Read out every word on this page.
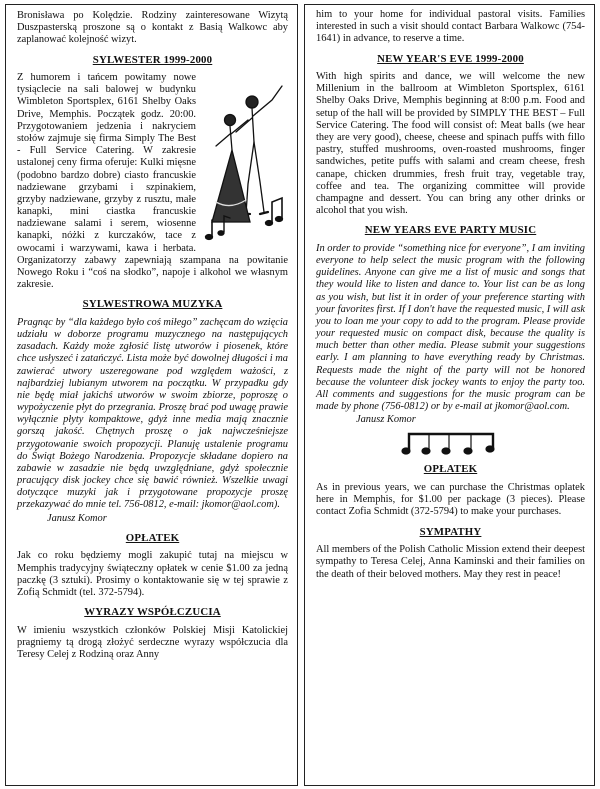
Bronisława po Kolędzie. Rodziny zainteresowane Wizytą Duszpasterską proszone są o kontakt z Basią Walkowc aby zaplanować kolejność wizyt.

SYLWESTER 1999-2000

Z humorem i tańcem powitamy nowe tysiąclecie na sali balowej w budynku Wimbleton Sportsplex, 6161 Shelby Oaks Drive, Memphis. Początek godz. 20:00. Przygotowaniem jedzenia i nakryciem stołów zajmuje się firma Simply The Best - Full Service Catering. W zakresie ustalonej ceny firma oferuje: Kulki mięsne (podobno bardzo dobre) ciasto francuskie nadziewane grzybami i szpinakiem, grzyby nadziewane, grzyby z rusztu, małe kanapki, mini ciastka francuskie nadziewane salami i serem, wiosenne kanapki, nóżki z kurczaków, tace z owocami i warzywami, kawa i herbata. Organizatorzy zabawy zapewniają szampana na powitanie Nowego Roku i “coś na słodko”, napoje i alkohol we własnym zakresie.

SYLWESTROWA MUZYKA

Pragnąc by “dla każdego było coś miłego” zachęcam do wzięcia udziału w doborze programu muzycznego na następujących zasadach. Każdy może zgłosić listę utworów i piosenek, które chce usłyszeć i zatańczyć. Lista może być dowolnej długości i ma zawierać utwory uszeregowane pod względem ważości, z najbardziej lubianym utworem na początku. W przypadku gdy nie będę miał jakichś utworów w swoim zbiorze, poproszę o wypożyczenie płyt do przegrania. Proszę brać pod uwagę prawie wyłącznie płyty kompaktowe, gdyż inne media mają znacznie gorszą jakość. Chętnych proszę o jak najwcześniejsze przygotowanie swoich propozycji. Planuję ustalenie programu do Świąt Bożego Narodzenia. Propozycje składane dopiero na zabawie w zasadzie nie będą uwzględniane, gdyż społecznie pracujący disk jockey chce się bawić również. Wszelkie uwagi dotyczące muzyki jak i przygotowane propozycje proszę przekazywać do mnie tel. 756-0812, e-mail: jkomor@aol.com).

Janusz Komor
OPŁATEK

Jak co roku będziemy mogli zakupić tutaj na miejscu w Memphis tradycyjny świąteczny opłatek w cenie $1.00 za jedną paczkę (3 sztuki). Prosimy o kontaktowanie się w tej sprawie z Zofią Schmidt (tel. 372-5794).

WYRAZY WSPÓŁCZUCIA

W imieniu wszystkich członków Polskiej Misji Katolickiej pragniemy tą drogą złożyć serdeczne wyrazy współczucia dla Teresy Celej z Rodziną oraz Anny

him to your home for individual pastoral visits. Families interested in such a visit should contact Barbara Walkowc (754-1641) in advance, to reserve a time.

NEW YEAR'S EVE 1999-2000

With high spirits and dance, we will welcome the new Millenium in the ballroom at Wimbleton Sportsplex, 6161 Shelby Oaks Drive, Memphis beginning at 8:00 p.m. Food and setup of the hall will be provided by SIMPLY THE BEST – Full Service Catering. The food will consist of: Meat balls (we hear they are very good), cheese, cheese and spinach puffs with fillo pastry, stuffed mushrooms, oven-roasted mushrooms, finger sandwiches, petite puffs with salami and cream cheese, fresh canape, chicken drummies, fresh fruit tray, vegetable tray, coffee and tea. The organizing committee will provide champagne and dessert. You can bring any other drinks or alcohol that you wish.

NEW YEARS EVE PARTY MUSIC

In order to provide “something nice for everyone”, I am inviting everyone to help select the music program with the following guidelines. Anyone can give me a list of music and songs that they would like to listen and dance to. Your list can be as long as you wish, but list it in order of your preference starting with your favorites first. If I don't have the requested music, I will ask you to loan me your copy to add to the program. Please provide your requested music on compact disk, because the quality is much better than other media. Please submit your suggestions early. I am planning to have everything ready by Christmas. Requests made the night of the party will not be honored because the volunteer disk jockey wants to enjoy the party too. All comments and suggestions for the music program can be made by phone (756-0812) or by e-mail at jkomor@aol.com.

Janusz Komor
OPŁATEK

As in previous years, we can purchase the Christmas oplatek here in Memphis, for $1.00 per package (3 pieces). Please contact Zofia Schmidt (372-5794) to make your purchases.

SYMPATHY

All members of the Polish Catholic Mission extend their deepest sympathy to Teresa Celej, Anna Kaminski and their families on the death of their beloved mothers. May they rest in peace!
